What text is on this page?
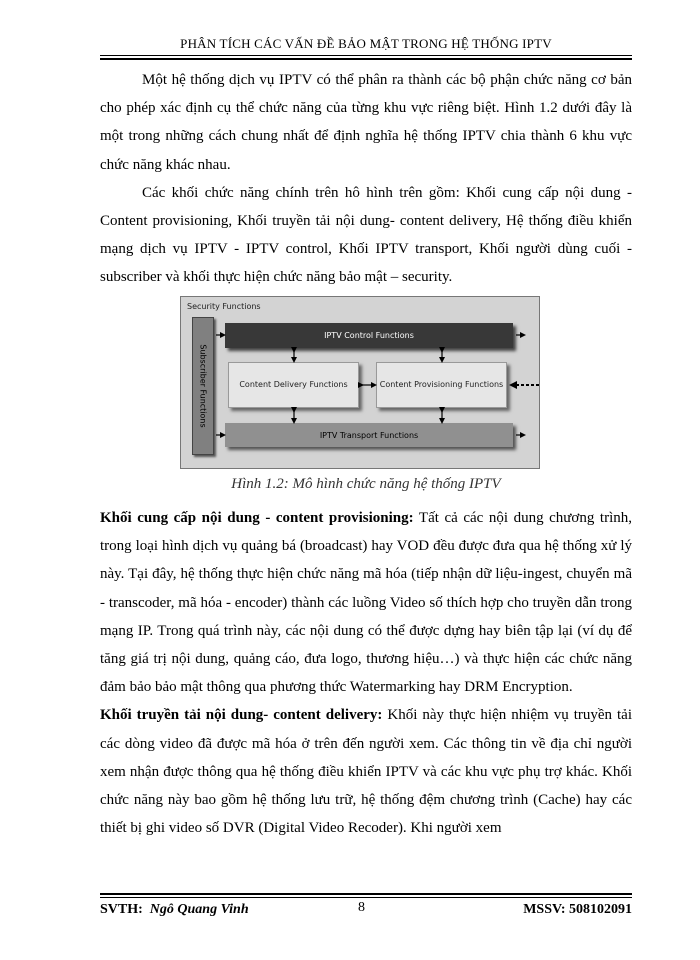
PHÂN TÍCH CÁC VẤN ĐỀ BẢO MẬT TRONG HỆ THỐNG IPTV

Một hệ thống dịch vụ IPTV có thể phân ra thành các bộ phận chức năng cơ bản cho phép xác định cụ thể chức năng của từng khu vực riêng biệt. Hình 1.2 dưới đây là một trong những cách chung nhất để định nghĩa hệ thống IPTV chia thành 6 khu vực chức năng khác nhau.

Các khối chức năng chính trên hô hình trên gồm: Khối cung cấp nội dung - Content provisioning, Khối truyền tải nội dung- content delivery, Hệ thống điều khiển mạng dịch vụ IPTV - IPTV control, Khối IPTV transport, Khối người dùng cuối - subscriber và khối thực hiện chức năng bảo mật – security.

Security Functions
Subscriber Functions
IPTV Control Functions
Content Delivery Functions	Content Provisioning Functions
IPTV Transport Functions
Hình 1.2: Mô hình chức năng hệ thống IPTV

Khối cung cấp nội dung - content provisioning: Tất cả các nội dung chương trình, trong loại hình dịch vụ quảng bá (broadcast) hay VOD đều được đưa qua hệ thống xử lý này. Tại đây, hệ thống thực hiện chức năng mã hóa (tiếp nhận dữ liệu-ingest, chuyển mã - transcoder, mã hóa - encoder) thành các luồng Video số thích hợp cho truyền dẫn trong mạng IP. Trong quá trình này, các nội dung có thể được dựng hay biên tập lại (ví dụ để tăng giá trị nội dung, quảng cáo, đưa logo, thương hiệu…) và thực hiện các chức năng đảm bảo bảo mật thông qua phương thức Watermarking hay DRM Encryption.

Khối truyền tải nội dung- content delivery: Khối này thực hiện nhiệm vụ truyền tải các dòng video đã được mã hóa ở trên đến người xem. Các thông tin về địa chỉ người xem nhận được thông qua hệ thống điều khiển IPTV và các khu vực phụ trợ khác. Khối chức năng này bao gồm hệ thống lưu trữ, hệ thống đệm chương trình (Cache) hay các thiết bị ghi video số DVR (Digital Video Recoder). Khi người xem

SVTH: Ngô Quang Vinh	8	MSSV: 508102091
